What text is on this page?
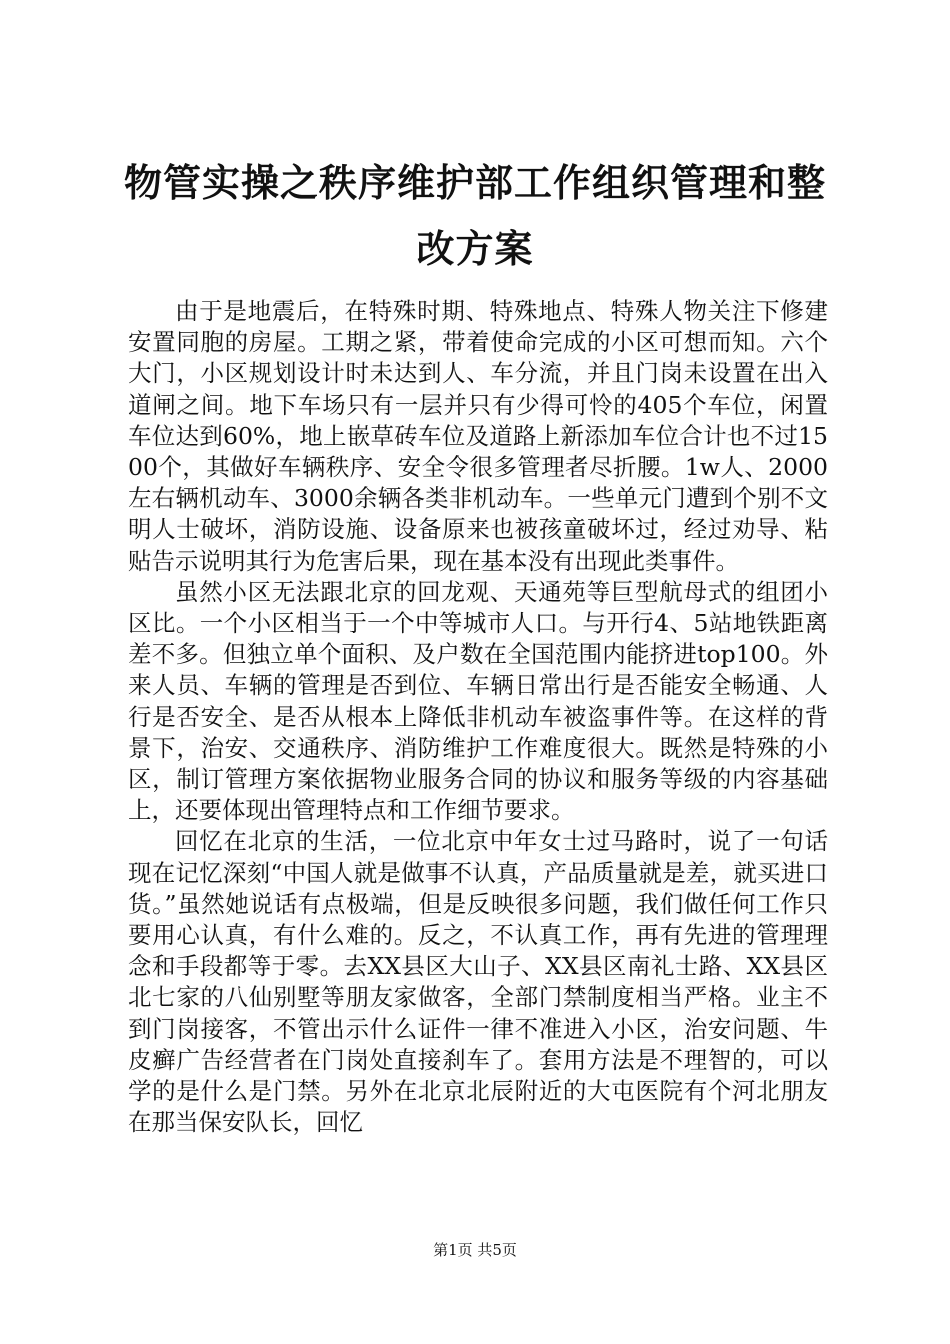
物管实操之秩序维护部工作组织管理和整改方案

由于是地震后，在特殊时期、特殊地点、特殊人物关注下修建安置同胞的房屋。工期之紧，带着使命完成的小区可想而知。六个大门，小区规划设计时未达到人、车分流，并且门岗未设置在出入道闸之间。地下车场只有一层并只有少得可怜的405个车位，闲置车位达到60%，地上嵌草砖车位及道路上新添加车位合计也不过1500个，其做好车辆秩序、安全令很多管理者尽折腰。1w人、2000左右辆机动车、3000余辆各类非机动车。一些单元门遭到个别不文明人士破坏，消防设施、设备原来也被孩童破坏过，经过劝导、粘贴告示说明其行为危害后果，现在基本没有出现此类事件。

虽然小区无法跟北京的回龙观、天通苑等巨型航母式的组团小区比。一个小区相当于一个中等城市人口。与开行4、5站地铁距离差不多。但独立单个面积、及户数在全国范围内能挤进top100。外来人员、车辆的管理是否到位、车辆日常出行是否能安全畅通、人行是否安全、是否从根本上降低非机动车被盗事件等。在这样的背景下，治安、交通秩序、消防维护工作难度很大。既然是特殊的小区，制订管理方案依据物业服务合同的协议和服务等级的内容基础上，还要体现出管理特点和工作细节要求。

回忆在北京的生活，一位北京中年女士过马路时，说了一句话现在记忆深刻“中国人就是做事不认真，产品质量就是差，就买进口货。”虽然她说话有点极端，但是反映很多问题，我们做任何工作只要用心认真，有什么难的。反之，不认真工作，再有先进的管理理念和手段都等于零。去XX县区大山子、XX县区南礼士路、XX县区北七家的八仙别墅等朋友家做客，全部门禁制度相当严格。业主不到门岗接客，不管出示什么证件一律不准进入小区，治安问题、牛皮癣广告经营者在门岗处直接刹车了。套用方法是不理智的，可以学的是什么是门禁。另外在北京北辰附近的大屯医院有个河北朋友在那当保安队长，回忆

第1页 共5页
